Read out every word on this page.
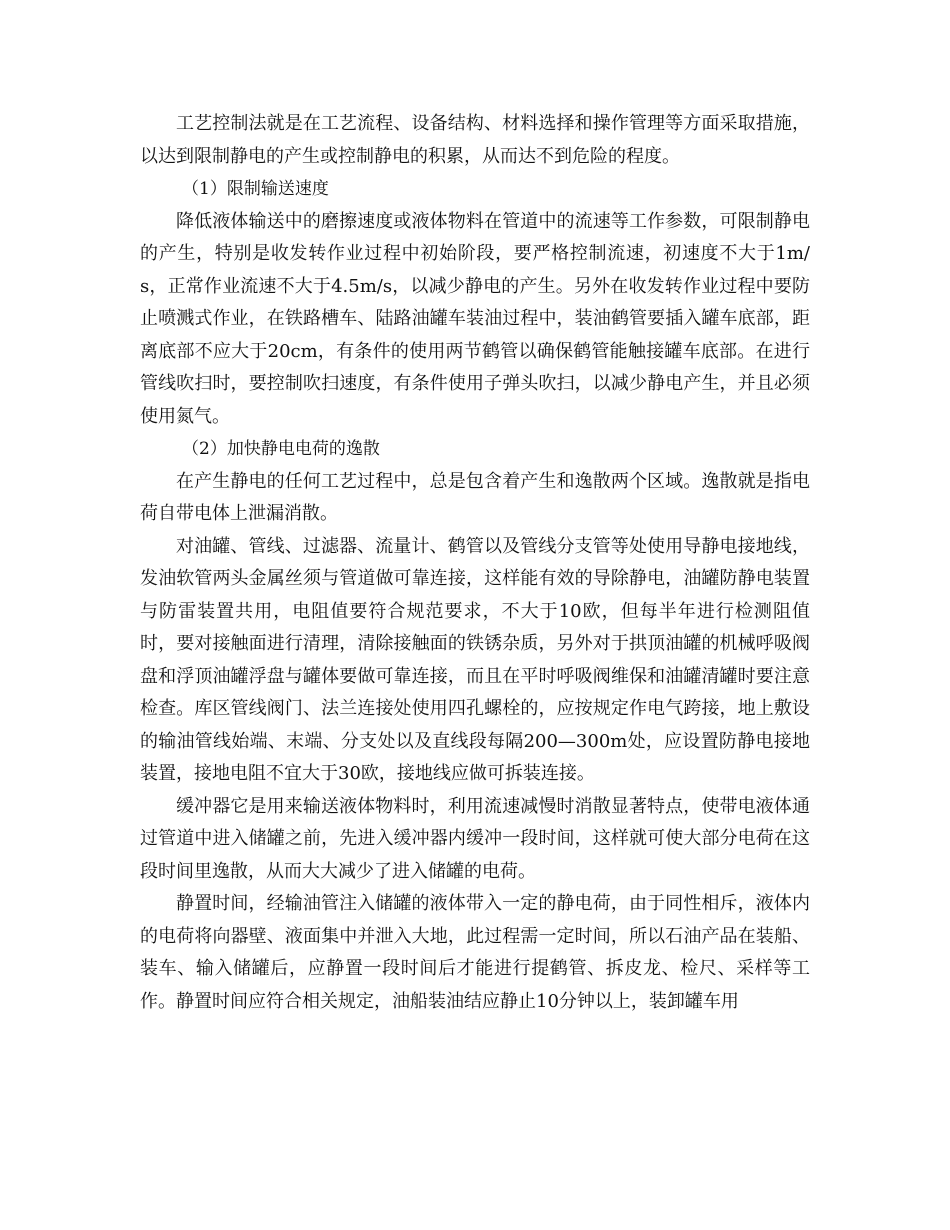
工艺控制法就是在工艺流程、设备结构、材料选择和操作管理等方面采取措施，以达到限制静电的产生或控制静电的积累，从而达不到危险的程度。

（1）限制输送速度

降低液体输送中的磨擦速度或液体物料在管道中的流速等工作参数，可限制静电的产生，特别是收发转作业过程中初始阶段，要严格控制流速，初速度不大于1m/s，正常作业流速不大于4.5m/s，以减少静电的产生。另外在收发转作业过程中要防止喷溅式作业，在铁路槽车、陆路油罐车装油过程中，装油鹤管要插入罐车底部，距离底部不应大于20cm，有条件的使用两节鹤管以确保鹤管能触接罐车底部。在进行管线吹扫时，要控制吹扫速度，有条件使用子弹头吹扫，以减少静电产生，并且必须使用氮气。

（2）加快静电电荷的逸散

在产生静电的任何工艺过程中，总是包含着产生和逸散两个区域。逸散就是指电荷自带电体上泄漏消散。

对油罐、管线、过滤器、流量计、鹤管以及管线分支管等处使用导静电接地线，发油软管两头金属丝须与管道做可靠连接，这样能有效的导除静电，油罐防静电装置与防雷装置共用，电阻值要符合规范要求，不大于10欧，但每半年进行检测阻值时，要对接触面进行清理，清除接触面的铁锈杂质，另外对于拱顶油罐的机械呼吸阀盘和浮顶油罐浮盘与罐体要做可靠连接，而且在平时呼吸阀维保和油罐清罐时要注意检查。库区管线阀门、法兰连接处使用四孔螺栓的，应按规定作电气跨接，地上敷设的输油管线始端、末端、分支处以及直线段每隔200—300m处，应设置防静电接地装置，接地电阻不宜大于30欧，接地线应做可拆装连接。

缓冲器它是用来输送液体物料时，利用流速减慢时消散显著特点，使带电液体通过管道中进入储罐之前，先进入缓冲器内缓冲一段时间，这样就可使大部分电荷在这段时间里逸散，从而大大减少了进入储罐的电荷。

静置时间，经输油管注入储罐的液体带入一定的静电荷，由于同性相斥，液体内的电荷将向器壁、液面集中并泄入大地，此过程需一定时间，所以石油产品在装船、装车、输入储罐后，应静置一段时间后才能进行提鹤管、拆皮龙、检尺、采样等工作。静置时间应符合相关规定，油船装油结应静止10分钟以上，装卸罐车用
